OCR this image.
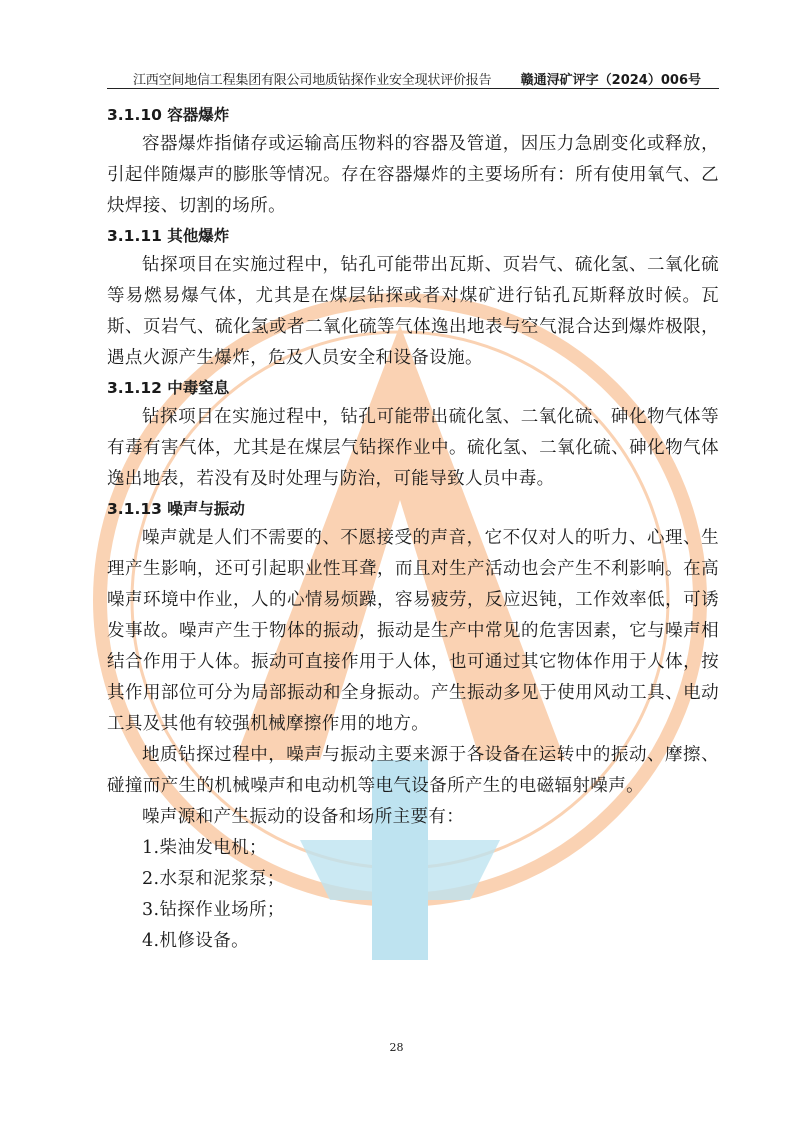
江西空间地信工程集团有限公司地质钻探作业安全现状评价报告 赣通浔矿评字（2024）006号
3.1.10 容器爆炸

容器爆炸指储存或运输高压物料的容器及管道，因压力急剧变化或释放，引起伴随爆声的膨胀等情况。存在容器爆炸的主要场所有：所有使用氧气、乙炔焊接、切割的场所。

3.1.11 其他爆炸

钻探项目在实施过程中，钻孔可能带出瓦斯、页岩气、硫化氢、二氧化硫等易燃易爆气体，尤其是在煤层钻探或者对煤矿进行钻孔瓦斯释放时候。瓦斯、页岩气、硫化氢或者二氧化硫等气体逸出地表与空气混合达到爆炸极限，遇点火源产生爆炸，危及人员安全和设备设施。

3.1.12 中毒窒息

钻探项目在实施过程中，钻孔可能带出硫化氢、二氧化硫、砷化物气体等有毒有害气体，尤其是在煤层气钻探作业中。硫化氢、二氧化硫、砷化物气体逸出地表，若没有及时处理与防治，可能导致人员中毒。

3.1.13 噪声与振动

噪声就是人们不需要的、不愿接受的声音，它不仅对人的听力、心理、生理产生影响，还可引起职业性耳聋，而且对生产活动也会产生不利影响。在高噪声环境中作业，人的心情易烦躁，容易疲劳，反应迟钝，工作效率低，可诱发事故。噪声产生于物体的振动，振动是生产中常见的危害因素，它与噪声相结合作用于人体。振动可直接作用于人体，也可通过其它物体作用于人体，按其作用部位可分为局部振动和全身振动。产生振动多见于使用风动工具、电动工具及其他有较强机械摩擦作用的地方。

地质钻探过程中，噪声与振动主要来源于各设备在运转中的振动、摩擦、碰撞而产生的机械噪声和电动机等电气设备所产生的电磁辐射噪声。

噪声源和产生振动的设备和场所主要有：

1.柴油发电机；

2.水泵和泥浆泵；

3.钻探作业场所；

4.机修设备。

28
